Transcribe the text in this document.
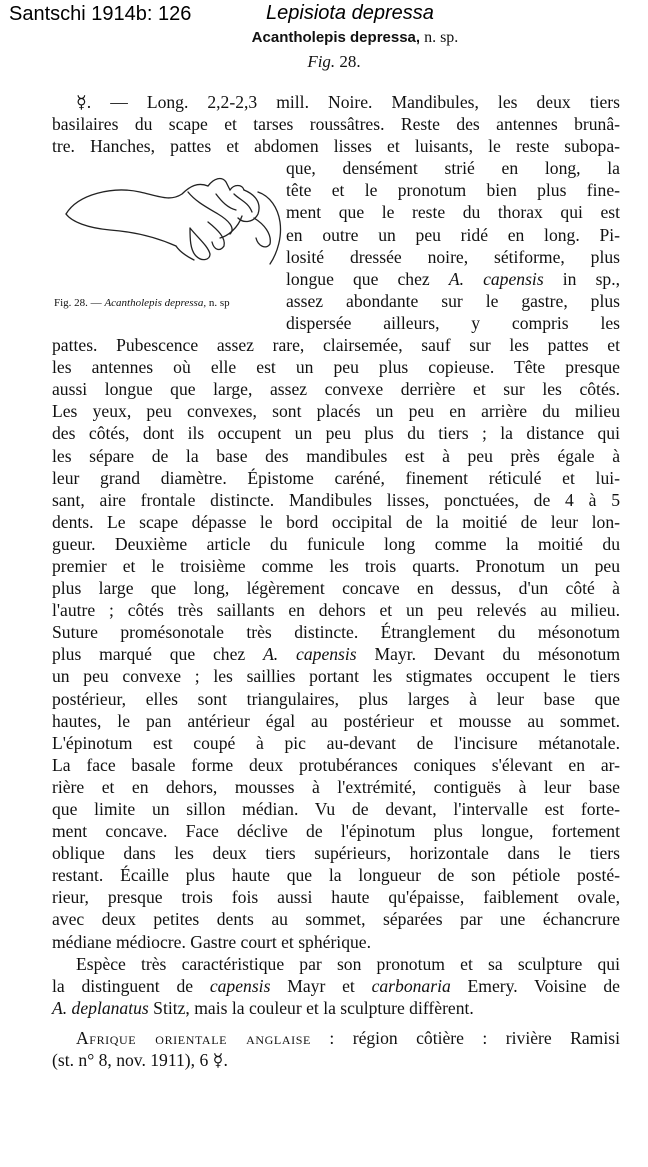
Santschi 1914b: 126	Lepisiota depressa
Acantholepis depressa, n. sp.
Fig. 28.
Fig. 28. — Acantholepis depressa, n. sp
☿. — Long. 2,2-2,3 mill. Noire. Mandibules, les deux tiers
basilaires du scape et tarses roussâtres. Reste des antennes brunâ-
tre. Hanches, pattes et abdomen lisses et luisants, le reste subopa-
que, densément strié en long, la
tête et le pronotum bien plus fine-
ment que le reste du thorax qui est
en outre un peu ridé en long. Pi-
losité dressée noire, sétiforme, plus
longue que chez A. capensis in sp.,
assez abondante sur le gastre, plus
dispersée ailleurs, y compris les
pattes. Pubescence assez rare, clairsemée, sauf sur les pattes et
les antennes où elle est un peu plus copieuse. Tête presque
aussi longue que large, assez convexe derrière et sur les côtés.
Les yeux, peu convexes, sont placés un peu en arrière du milieu
des côtés, dont ils occupent un peu plus du tiers ; la distance qui
les sépare de la base des mandibules est à peu près égale à
leur grand diamètre. Épistome caréné, finement réticulé et lui-
sant, aire frontale distincte. Mandibules lisses, ponctuées, de 4 à 5
dents. Le scape dépasse le bord occipital de la moitié de leur lon-
gueur. Deuxième article du funicule long comme la moitié du
premier et le troisième comme les trois quarts. Pronotum un peu
plus large que long, légèrement concave en dessus, d'un côté à
l'autre ; côtés très saillants en dehors et un peu relevés au milieu.
Suture promésonotale très distincte. Étranglement du mésonotum
plus marqué que chez A. capensis Mayr. Devant du mésonotum
un peu convexe ; les saillies portant les stigmates occupent le tiers
postérieur, elles sont triangulaires, plus larges à leur base que
hautes, le pan antérieur égal au postérieur et mousse au sommet.
L'épinotum est coupé à pic au-devant de l'incisure métanotale.
La face basale forme deux protubérances coniques s'élevant en ar-
rière et en dehors, mousses à l'extrémité, contiguës à leur base
que limite un sillon médian. Vu de devant, l'intervalle est forte-
ment concave. Face déclive de l'épinotum plus longue, fortement
oblique dans les deux tiers supérieurs, horizontale dans le tiers
restant. Écaille plus haute que la longueur de son pétiole posté-
rieur, presque trois fois aussi haute qu'épaisse, faiblement ovale,
avec deux petites dents au sommet, séparées par une échancrure
médiane médiocre. Gastre court et sphérique.
Espèce très caractéristique par son pronotum et sa sculpture qui
la distinguent de capensis Mayr et carbonaria Emery. Voisine de
A. deplanatus Stitz, mais la couleur et la sculpture diffèrent.
Afrique orientale anglaise : région côtière : rivière Ramisi
(st. n° 8, nov. 1911), 6 ☿.
